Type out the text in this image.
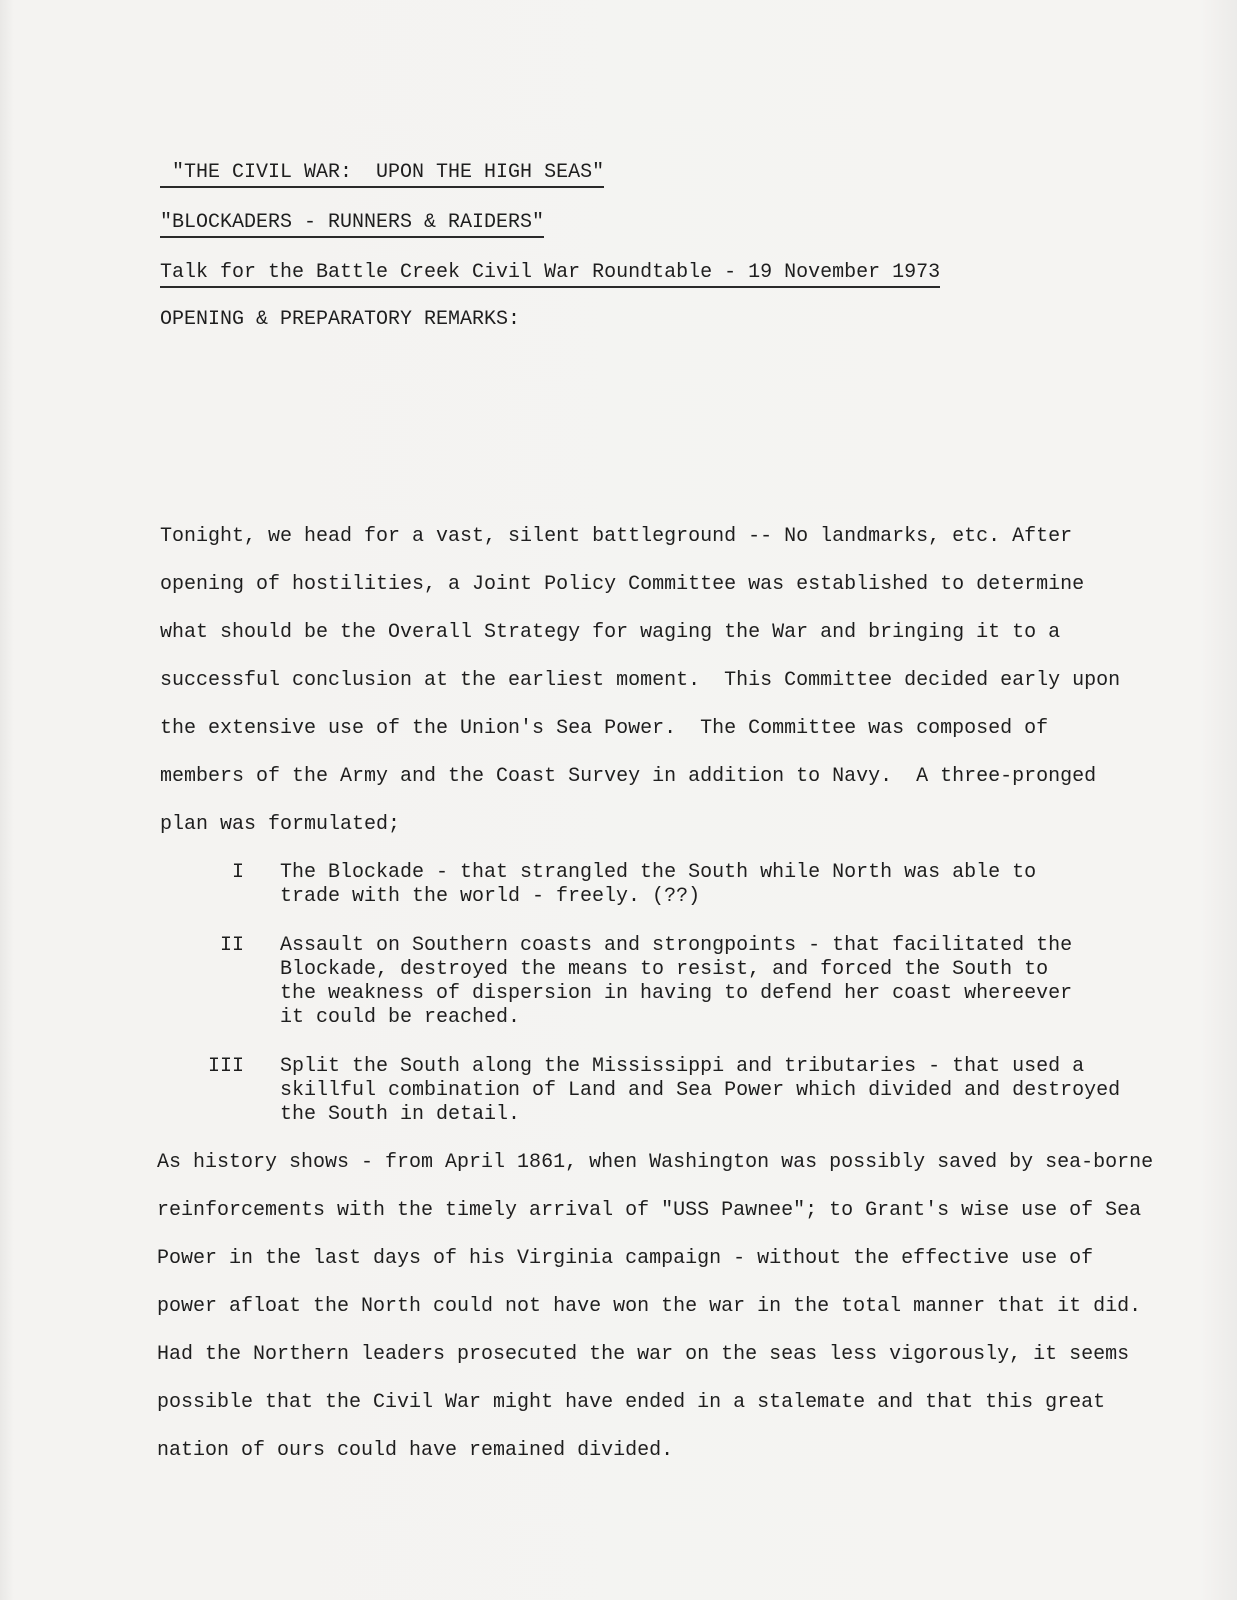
"THE CIVIL WAR:  UPON THE HIGH SEAS"
"BLOCKADERS - RUNNERS & RAIDERS"
Talk for the Battle Creek Civil War Roundtable - 19 November 1973
OPENING & PREPARATORY REMARKS:
Tonight, we head for a vast, silent battleground -- No landmarks, etc. After
opening of hostilities, a Joint Policy Committee was established to determine
what should be the Overall Strategy for waging the War and bringing it to a
successful conclusion at the earliest moment.  This Committee decided early upon
the extensive use of the Union's Sea Power.  The Committee was composed of
members of the Army and the Coast Survey in addition to Navy.  A three-pronged
plan was formulated;
I The Blockade - that strangled the South while North was able to
trade with the world - freely. (??)
II Assault on Southern coasts and strongpoints - that facilitated the
Blockade, destroyed the means to resist, and forced the South to
the weakness of dispersion in having to defend her coast whereever
it could be reached.
III Split the South along the Mississippi and tributaries - that used a
skillful combination of Land and Sea Power which divided and destroyed
the South in detail.
As history shows - from April 1861, when Washington was possibly saved by sea-borne
reinforcements with the timely arrival of "USS Pawnee"; to Grant's wise use of Sea
Power in the last days of his Virginia campaign - without the effective use of
power afloat the North could not have won the war in the total manner that it did.
Had the Northern leaders prosecuted the war on the seas less vigorously, it seems
possible that the Civil War might have ended in a stalemate and that this great
nation of ours could have remained divided.
